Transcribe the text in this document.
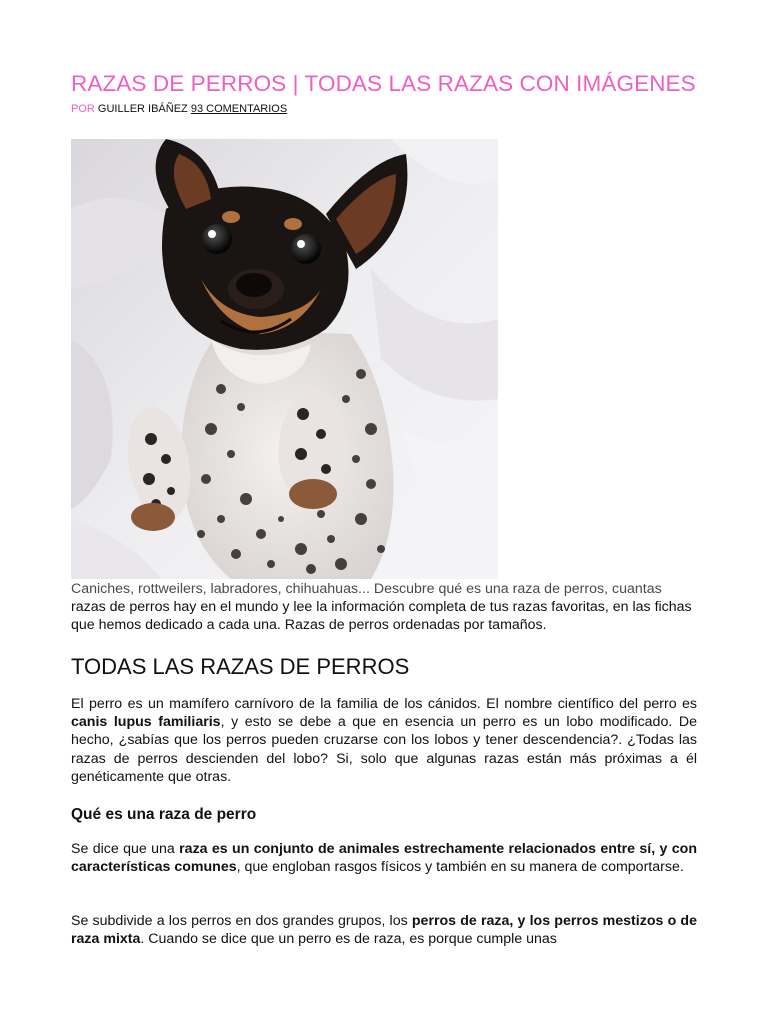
RAZAS DE PERROS | TODAS LAS RAZAS CON IMÁGENES
POR GUILLER IBÁÑEZ 93 COMENTARIOS

Caniches, rottweilers, labradores, chihuahuas... Descubre qué es una raza de perros, cuantas razas de perros hay en el mundo y lee la información completa de tus razas favoritas, en las fichas que hemos dedicado a cada una. Razas de perros ordenadas por tamaños.

TODAS LAS RAZAS DE PERROS

El perro es un mamífero carnívoro de la familia de los cánidos. El nombre científico del perro es canis lupus familiaris, y esto se debe a que en esencia un perro es un lobo modificado. De hecho, ¿sabías que los perros pueden cruzarse con los lobos y tener descendencia?. ¿Todas las razas de perros descienden del lobo? Si, solo que algunas razas están más próximas a él genéticamente que otras.

Qué es una raza de perro

Se dice que una raza es un conjunto de animales estrechamente relacionados entre sí, y con características comunes, que engloban rasgos físicos y también en su manera de comportarse.

Se subdivide a los perros en dos grandes grupos, los perros de raza, y los perros mestizos o de raza mixta. Cuando se dice que un perro es de raza, es porque cumple unas
